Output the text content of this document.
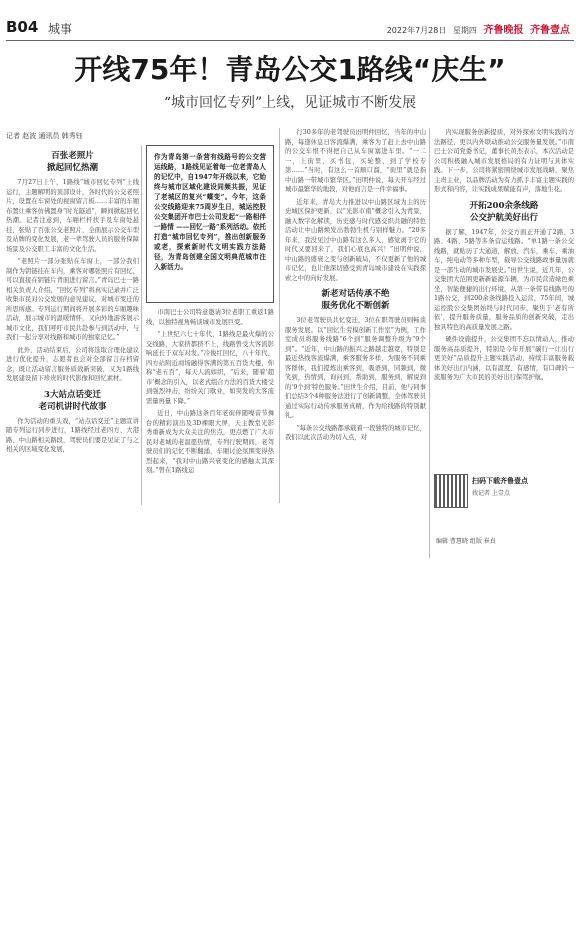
B04 城事	2022年7月28日 星期四 齐鲁晚报 齐鲁壹点
开线75年！青岛公交1路线“庆生”
“城市回忆专列”上线，见证城市不断发展
记者 赵波 通讯员 韩秀钰
百张老照片
掀起回忆热潮

7月27日上午，1路线“城市回忆专列”上线运行，主题解明的顶部设计，各时代的公交老照片，设置在车窗处的视窗留言板……丰富的车厢布置让乘客仿佛置身“时光隧道”，瞬间掀起回忆热潮。记者注意到，车厢栏杆扶手及车窗处悬挂，张贴了百张公交老照片，全面展示公交车型及站牌的变化发展，老一辈驾驶人员的服务保障场景及公交职工丰富的文化生活。

“老照片一部分张贴在车窗上，一部分我们制作为钥链挂在车内，乘客对哪张照片有回忆，可以直接在钥链片背面进行留言。”青岛巴士一路相关负责人介绍，“回忆专列”将真实记录并广泛收集市民对公交发展的意见建议，对城市变迁的所思所感。专列运行期间将开展多彩的车厢趣味活动，展示城市的温暖情怀，又向外地游客展示城市文化，我们呼吁市民共赴参与到活动中，与我们一起分享对线路和城市的独家记忆。”

此外，活动结束后，公司将选取合理化建议进行优化提升，志愿者也会对全部留言存档留念，既让活动留言服务质效新突破，又为1路线发展建设留下珍贵的时代影像和回忆素材。

3大站点话变迁
老司机讲时代故事

作为活动的重头戏，“站点话变迁”主题宣讲随专列运行同步进行，1路线经过老四方、大港路、中山路相关路段，驾驶员们要是见证了与之相关的区域变化发展，

作为青岛第一条营有线路号的公交营运线路，1路线见证着每一位老青岛人的记忆中，自1947年开线以来，它始终与城市区域化建设同频共振，见证了老城区的复兴“蝶变”。今年，这条公交线路迎来75周岁生日，城运控股公交集团开市巴士公司发起“一路相伴 一路情 ——回忆一路”系列活动。依托打造“城市回忆专列”，推出创新服务或老，探索新时代文明实践方法路径，为青岛创建全国文明典范城市注入新活力。

市南巴士公司特意邀请3位老职工重返1路线，以独特视角畅谈城市发展巨变。

“上世纪六七十年代，1路线是最火爆的公交线路，大家挤都挤不上，线路曾受大客流影响延长于双车对发。”冷俊红回忆，八十年代，四方站附近商场融得客满的第五百货大楼，你称“老五百”，每天人流如织，“后来，随着‘超市’概念的引入，以老式组合方法的百货大楼受到强烈冲击，纷纷关门歇业，如突发的大客流需量再量下降。”

近日，中山路这条百年老街伴随噪音节舞台的精彩演出及3D裸眼大屏，天主教堂光影秀重新成为大众关注的焦点，更点燃了广大市民对老城的老温愿热情，专列行驶期间，老驾驶员们的记忆不断翻涌，车厢讨论氛围变得热烈起来，“我对中山路兴衰变化的感触太其深刻。”曾在1路线运

行30多年的老驾驶员田明仲回忆，当年的中山路，每逢休息日客流爆满，乘客为了赶上去中山路的公交车恨不得把自己从车窗塞进车里。“一二一，上街里，买书包，买轮整，到了学校专第……”当时，有这么一首顺口溜，“街里”就是指中山路一带城市繁华区。”田明仲说，每天开车经过城市最繁华的地段，对他而言是一件幸福事。

近年来，青岛大力推进以中山路区域为主的历史城区保护更新，以“光影市南”概念引入为背景，融入数字化解读，历史感与时代感交织共融的特色活动让中山路焕发出勃勃生机与别样魅力。“20多年来，我没见过中山路有这么多人，感觉离于它的时代又要回来了，我们心底也高兴！”田明仲说，中山路的盛衰之变与创新破局，不仅更新了他的城市记忆，也让他深切感受到青岛城市建设在实践探索之中的向好发展。

新老对话传承不绝
服务优化不断创新

3位老驾驶员共忆变迁，3位在职驾驶员则畅谈服务发展。以“回忆生劳模创新工作室”为例，工作室成员将服务线路“6个到”服务调整升级为“9个到”。“近年，中山路的振兴之路越走越宽，特别是最近热线客流爆满，乘客服务多样，为服务不同乘客群体，我们提炼出乘客到，吸语到，同频到，微笑到，热情到，询问到，帮助到，服务到，解说到的‘9个到’特色服务。”田世生介绍，目前，他与同事们总结3个4种服务法进行了创新调整，全体驾驶员通过实际行动传承服务真精，作为给线路的特别献礼。

“每条公交线路都承载着一段独特的城市记忆，我们以此次活动为切入点，对

内实现服务创新提质，对外探索文明实践的方法路径，更以内外联动推动公交服务量发展。”市南巴士公司党委书记，董事长黄杰表示，本次活动是公司积极融入城市发展格局的有力证明与具体实践。下一步，公司将紧密围绕城市发展战略，聚焦主责主业，以品牌活动为有力抓手丰富主题实践的形式和内容，让实践成果赋能有声，落地生花。

开拓200余条线路
公交护航美好出行

据了解，1947年，公交方面正开通了2路、3路、4路、5路等多条营运线路。“单1路一条公交线路，就贴历了大通道，解放，汽车，乘车、乘油车，纯电动等多种车型，载导公交线路政事量加就是一部生动的城市发展史。”田世生说，近几年，公交集团大范围更新新能源车辆，为市民营造绿色乘坐，智能便捷的出行环境，从第一条带有线路号的1路公交，到200余条线路投入运营，75年间，城运控股公交集团始终与时代同步，聚焦于‘老有所依’，提升服务质量，服务品质的创新突破，走出独具特色的高质量发展之路。

硬件设施提升，公交集团不忘以情动人，推动服务高品质提升，特别是今年开展“碳行一让出行更美好”品质提升主题实践活动，持续丰富服务载体美好出行内涵，以有温度、有感情，有口碑的一流服务为广大市民的美好出行保驾护航。

扫码下载齐鲁壹点
找记者 上壹点
编辑 曹慧晓 组版 崔真
